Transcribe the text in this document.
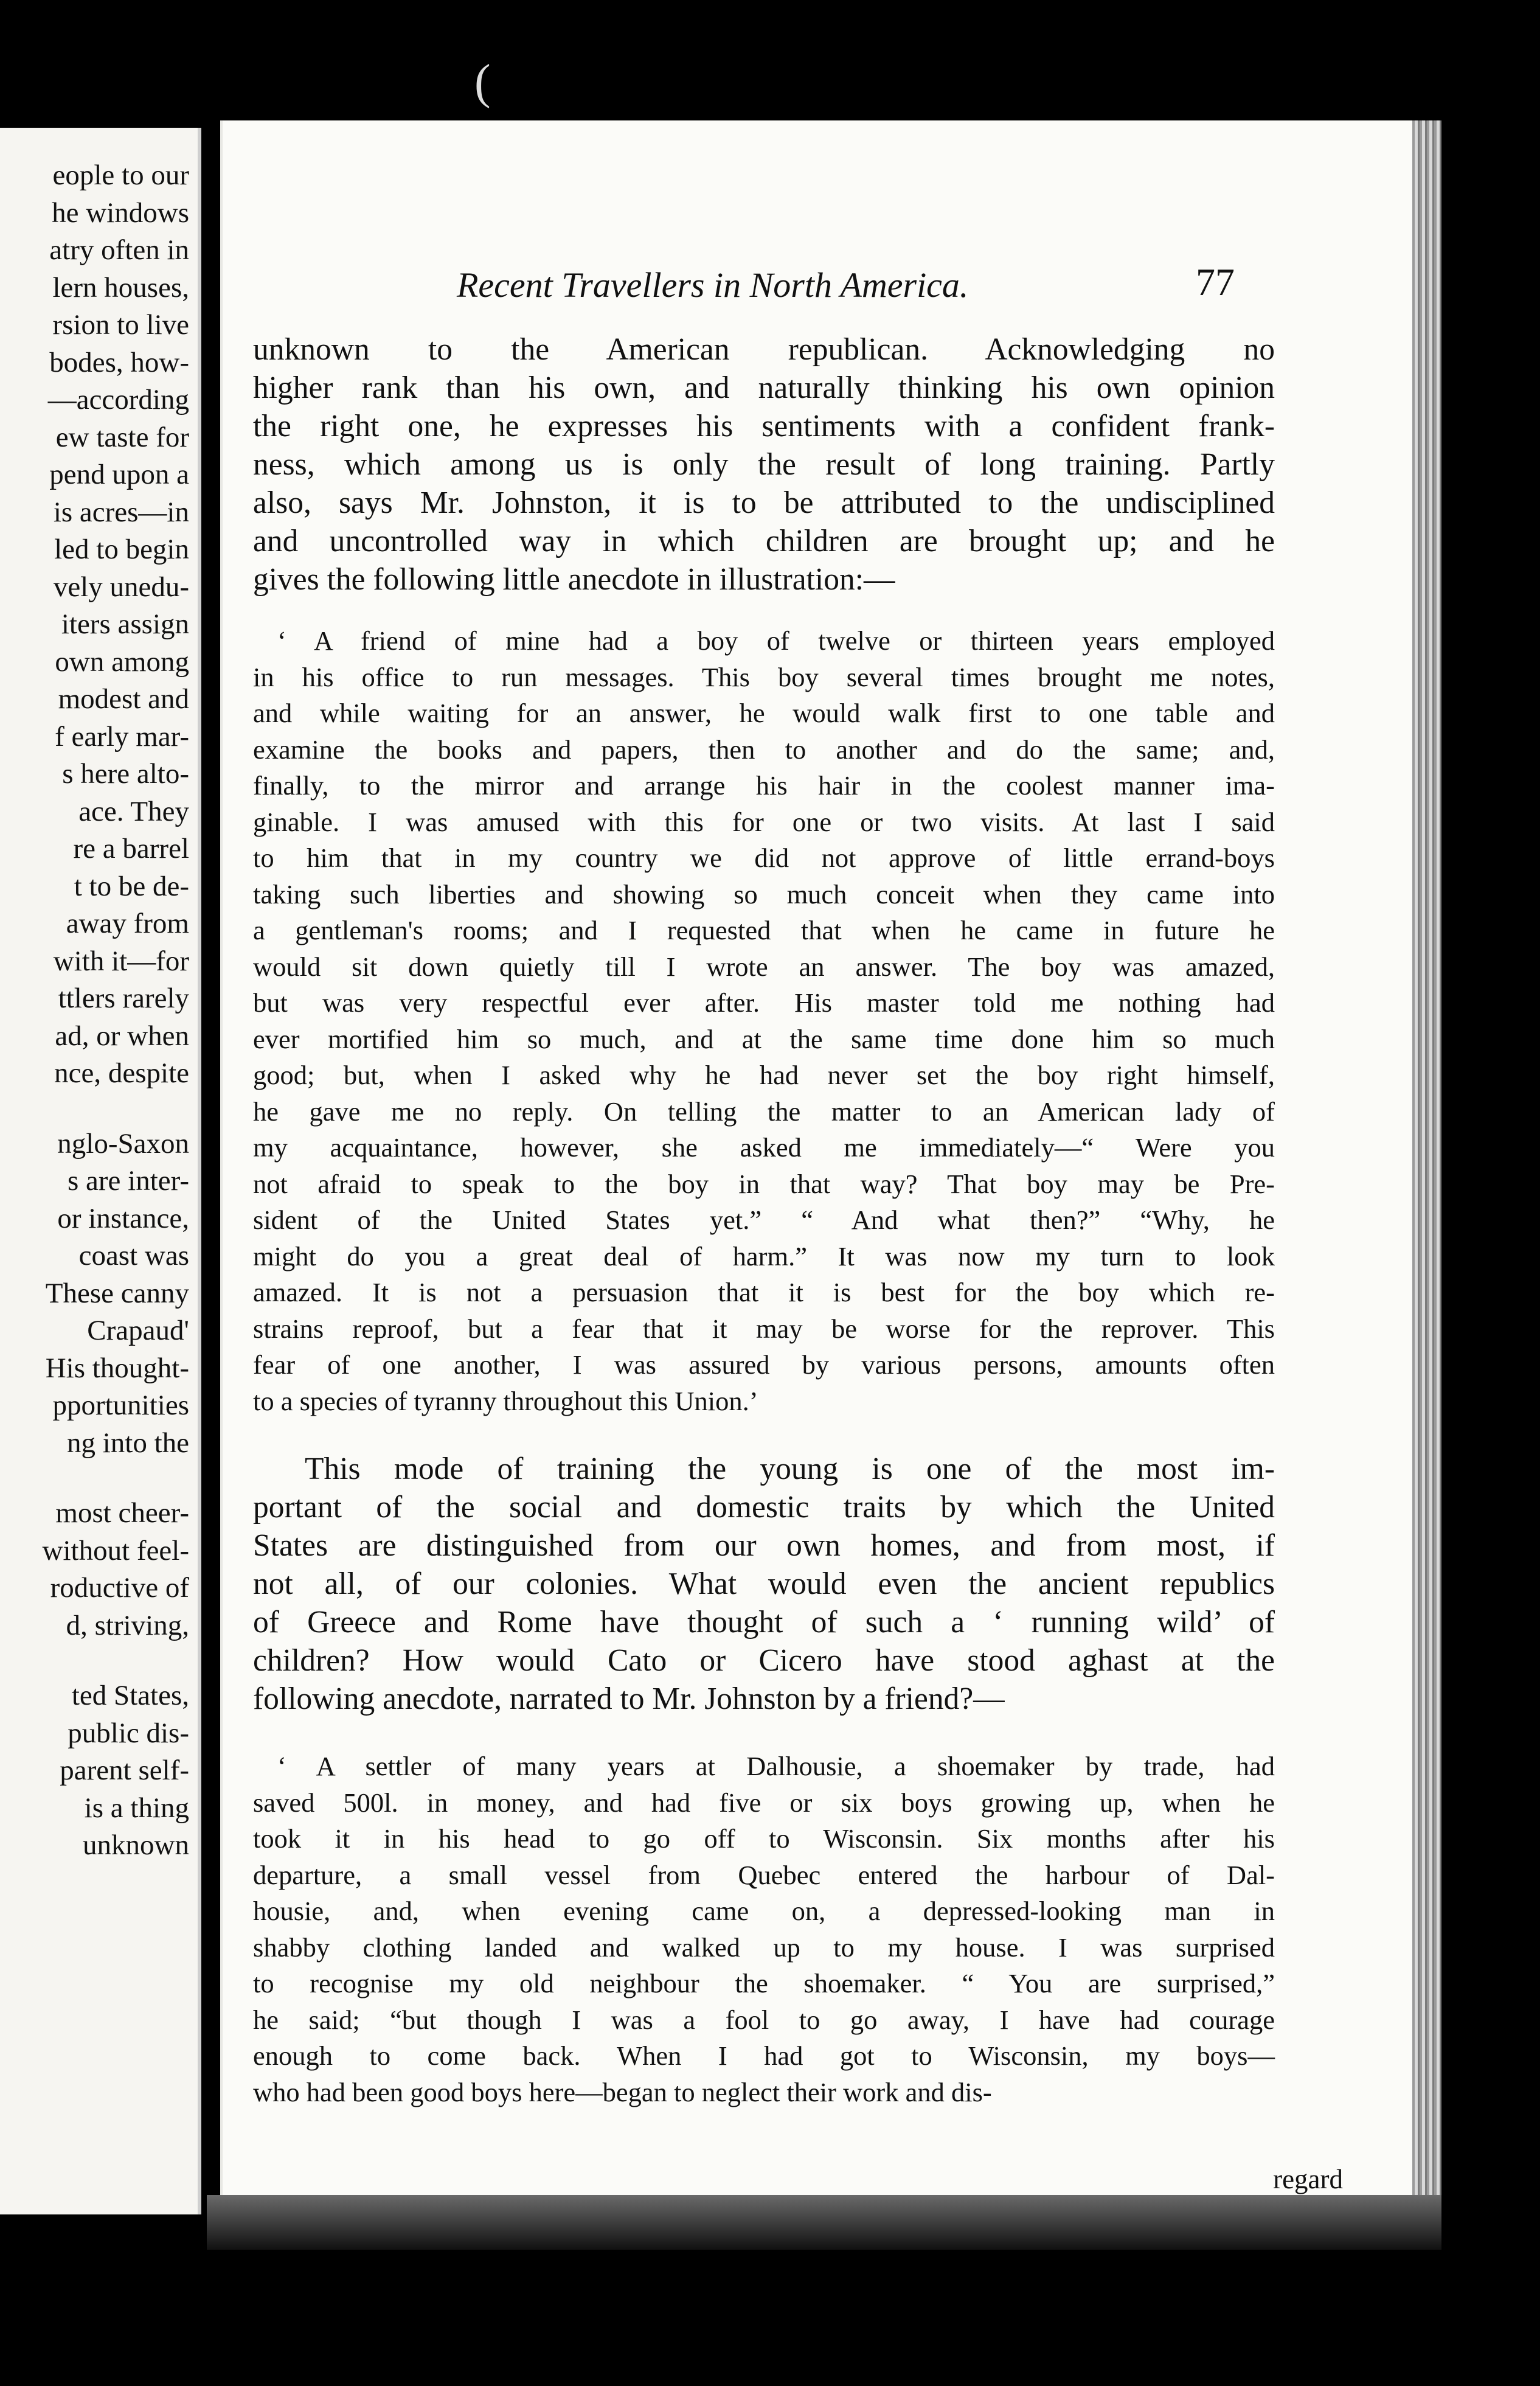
(
eople to our
he windows
atry often in
lern houses,
rsion to live
bodes, how-
—according
ew taste for
pend upon a
is acres—in
led to begin
vely unedu-
iters assign
own among
modest and
f early mar-
s here alto-
ace. They
re a barrel
t to be de-
away from
with it—for
ttlers rarely
ad, or when
nce, despite
nglo-Saxon
s are inter-
or instance,
coast was
These canny
Crapaud'
His thought-
pportunities
ng into the
most cheer-
without feel-
roductive of
d, striving,
ted States,
public dis-
parent self-
is a thing
unknown
Recent Travellers in North America.	77

unknown to the American republican. Acknowledging no

higher rank than his own, and naturally thinking his own opinion

the right one, he expresses his sentiments with a confident frank-

ness, which among us is only the result of long training. Partly

also, says Mr. Johnston, it is to be attributed to the undisciplined

and uncontrolled way in which children are brought up; and he

gives the following little anecdote in illustration:—

‘ A friend of mine had a boy of twelve or thirteen years employed

in his office to run messages. This boy several times brought me notes,

and while waiting for an answer, he would walk first to one table and

examine the books and papers, then to another and do the same; and,

finally, to the mirror and arrange his hair in the coolest manner ima-

ginable. I was amused with this for one or two visits. At last I said

to him that in my country we did not approve of little errand-boys

taking such liberties and showing so much conceit when they came into

a gentleman's rooms; and I requested that when he came in future he

would sit down quietly till I wrote an answer. The boy was amazed,

but was very respectful ever after. His master told me nothing had

ever mortified him so much, and at the same time done him so much

good; but, when I asked why he had never set the boy right himself,

he gave me no reply. On telling the matter to an American lady of

my acquaintance, however, she asked me immediately—“ Were you

not afraid to speak to the boy in that way? That boy may be Pre-

sident of the United States yet.” “ And what then?” “Why, he

might do you a great deal of harm.” It was now my turn to look

amazed. It is not a persuasion that it is best for the boy which re-

strains reproof, but a fear that it may be worse for the reprover. This

fear of one another, I was assured by various persons, amounts often

to a species of tyranny throughout this Union.’

This mode of training the young is one of the most im-

portant of the social and domestic traits by which the United

States are distinguished from our own homes, and from most, if

not all, of our colonies. What would even the ancient republics

of Greece and Rome have thought of such a ‘ running wild’ of

children? How would Cato or Cicero have stood aghast at the

following anecdote, narrated to Mr. Johnston by a friend?—

‘ A settler of many years at Dalhousie, a shoemaker by trade, had

saved 500l. in money, and had five or six boys growing up, when he

took it in his head to go off to Wisconsin. Six months after his

departure, a small vessel from Quebec entered the harbour of Dal-

housie, and, when evening came on, a depressed-looking man in

shabby clothing landed and walked up to my house. I was surprised

to recognise my old neighbour the shoemaker. “ You are surprised,”

he said; “but though I was a fool to go away, I have had courage

enough to come back. When I had got to Wisconsin, my boys—

who had been good boys here—began to neglect their work and dis-

regard
